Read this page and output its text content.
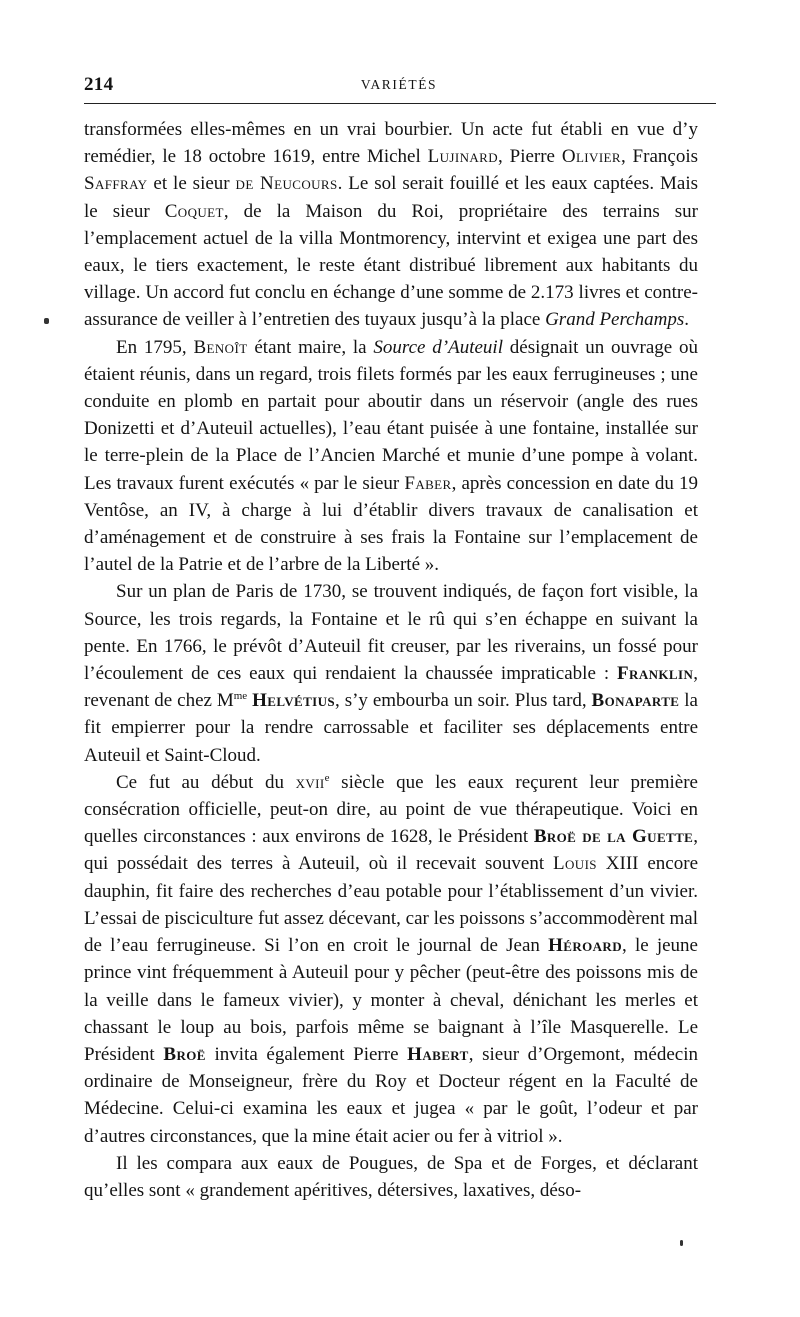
214	VARIÉTÉS

transformées elles-mêmes en un vrai bourbier. Un acte fut établi en vue d’y remédier, le 18 octobre 1619, entre Michel Lujinard, Pierre Olivier, François Saffray et le sieur de Neucours. Le sol serait fouillé et les eaux captées. Mais le sieur Coquet, de la Maison du Roi, propriétaire des terrains sur l’emplacement actuel de la villa Montmorency, intervint et exigea une part des eaux, le tiers exactement, le reste étant distribué librement aux habitants du village. Un accord fut conclu en échange d’une somme de 2.173 livres et contre-assurance de veiller à l’entretien des tuyaux jusqu’à la place Grand Perchamps.

En 1795, Benoît étant maire, la Source d’Auteuil désignait un ouvrage où étaient réunis, dans un regard, trois filets formés par les eaux ferrugineuses ; une conduite en plomb en partait pour aboutir dans un réservoir (angle des rues Donizetti et d’Auteuil actuelles), l’eau étant puisée à une fontaine, installée sur le terre-plein de la Place de l’Ancien Marché et munie d’une pompe à volant. Les travaux furent exécutés « par le sieur Faber, après concession en date du 19 Ventôse, an IV, à charge à lui d’établir divers travaux de canalisation et d’aménagement et de construire à ses frais la Fontaine sur l’emplacement de l’autel de la Patrie et de l’arbre de la Liberté ».

Sur un plan de Paris de 1730, se trouvent indiqués, de façon fort visible, la Source, les trois regards, la Fontaine et le rû qui s’en échappe en suivant la pente. En 1766, le prévôt d’Auteuil fit creuser, par les riverains, un fossé pour l’écoulement de ces eaux qui rendaient la chaussée impraticable : Franklin, revenant de chez $M^{me}$ Helvétius, s’y embourba un soir. Plus tard, Bonaparte la fit empierrer pour la rendre carrossable et faciliter ses déplacements entre Auteuil et Saint-Cloud.

Ce fut au début du xvii$^e$ siècle que les eaux reçurent leur première consécration officielle, peut-on dire, au point de vue thérapeutique. Voici en quelles circonstances : aux environs de 1628, le Président Broë de la Guette, qui possédait des terres à Auteuil, où il recevait souvent Louis XIII encore dauphin, fit faire des recherches d’eau potable pour l’établissement d’un vivier. L’essai de pisciculture fut assez décevant, car les poissons s’accommodèrent mal de l’eau ferrugineuse. Si l’on en croit le journal de Jean Héroard, le jeune prince vint fréquemment à Auteuil pour y pêcher (peut-être des poissons mis de la veille dans le fameux vivier), y monter à cheval, dénichant les merles et chassant le loup au bois, parfois même se baignant à l’île Masquerelle. Le Président Broë invita également Pierre Habert, sieur d’Orgemont, médecin ordinaire de Monseigneur, frère du Roy et Docteur régent en la Faculté de Médecine. Celui-ci examina les eaux et jugea « par le goût, l’odeur et par d’autres circonstances, que la mine était acier ou fer à vitriol ».

Il les compara aux eaux de Pougues, de Spa et de Forges, et déclarant qu’elles sont « grandement apéritives, détersives, laxatives, déso-
